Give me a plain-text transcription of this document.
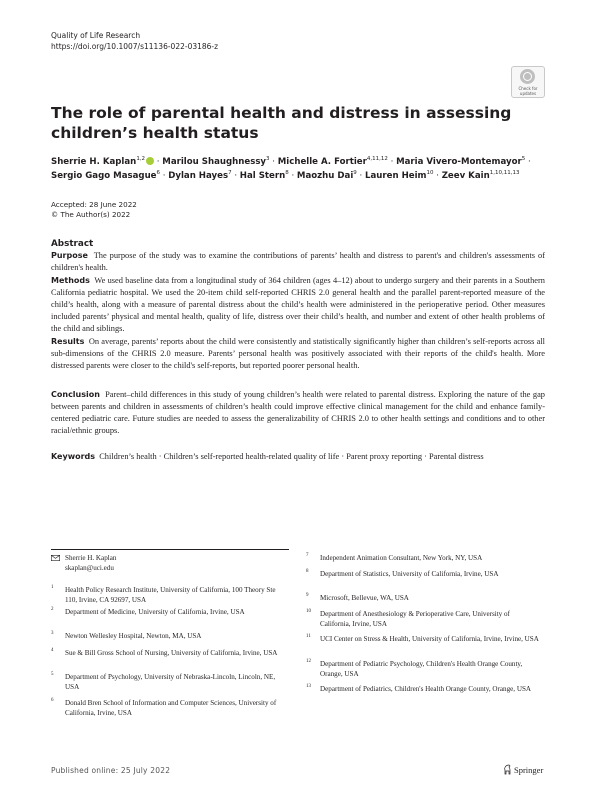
Quality of Life Research
https://doi.org/10.1007/s11136-022-03186-z
Check for
updates
The role of parental health and distress in assessing children’s health status
Sherrie H. Kaplan$^{1,2}$ · Marilou Shaughnessy$^3$ · Michelle A. Fortier$^{4,11,12}$ · Maria Vivero-Montemayor$^5$ ·
Sergio Gago Masague$^6$ · Dylan Hayes$^7$ · Hal Stern$^8$ · Maozhu Dai$^9$ · Lauren Heim$^{10}$ · Zeev Kain$^{1,10,11,13}$
Accepted: 28 June 2022
© The Author(s) 2022
Abstract
Purpose The purpose of the study was to examine the contributions of parents’ health and distress to parent's and children's assessments of children's health.
Methods We used baseline data from a longitudinal study of 364 children (ages 4–12) about to undergo surgery and their parents in a Southern California pediatric hospital. We used the 20-item child self-reported CHRIS 2.0 general health and the parallel parent-reported measure of the child’s health, along with a measure of parental distress about the child’s health were administered in the perioperative period. Other measures included parents’ physical and mental health, quality of life, distress over their child’s health, and number and extent of other health problems of the child and siblings.
Results On average, parents’ reports about the child were consistently and statistically significantly higher than children’s self-reports across all sub-dimensions of the CHRIS 2.0 measure. Parents’ personal health was positively associated with their reports of the child's health. More distressed parents were closer to the child's self-reports, but reported poorer personal health.
Conclusion Parent–child differences in this study of young children’s health were related to parental distress. Exploring the nature of the gap between parents and children in assessments of children’s health could improve effective clinical management for the child and enhance family-centered pediatric care. Future studies are needed to assess the generalizability of CHRIS 2.0 to other health settings and conditions and to other racial/ethnic groups.
Keywords Children’s health · Children’s self-reported health-related quality of life · Parent proxy reporting · Parental distress
Sherrie H. Kaplan
skaplan@uci.edu
1 Health Policy Research Institute, University of California, 100 Theory Ste 110, Irvine, CA 92697, USA
2 Department of Medicine, University of California, Irvine, USA
3 Newton Wellesley Hospital, Newton, MA, USA
4 Sue & Bill Gross School of Nursing, University of California, Irvine, USA
5 Department of Psychology, University of Nebraska-Lincoln, Lincoln, NE, USA
6 Donald Bren School of Information and Computer Sciences, University of California, Irvine, USA
7 Independent Animation Consultant, New York, NY, USA
8 Department of Statistics, University of California, Irvine, USA
9 Microsoft, Bellevue, WA, USA
10 Department of Anesthesiology & Perioperative Care, University of California, Irvine, USA
11 UCI Center on Stress & Health, University of California, Irvine, Irvine, USA
12 Department of Pediatric Psychology, Children's Health Orange County, Orange, USA
13 Department of Pediatrics, Children's Health Orange County, Orange, USA
Published online: 25 July 2022	Springer
